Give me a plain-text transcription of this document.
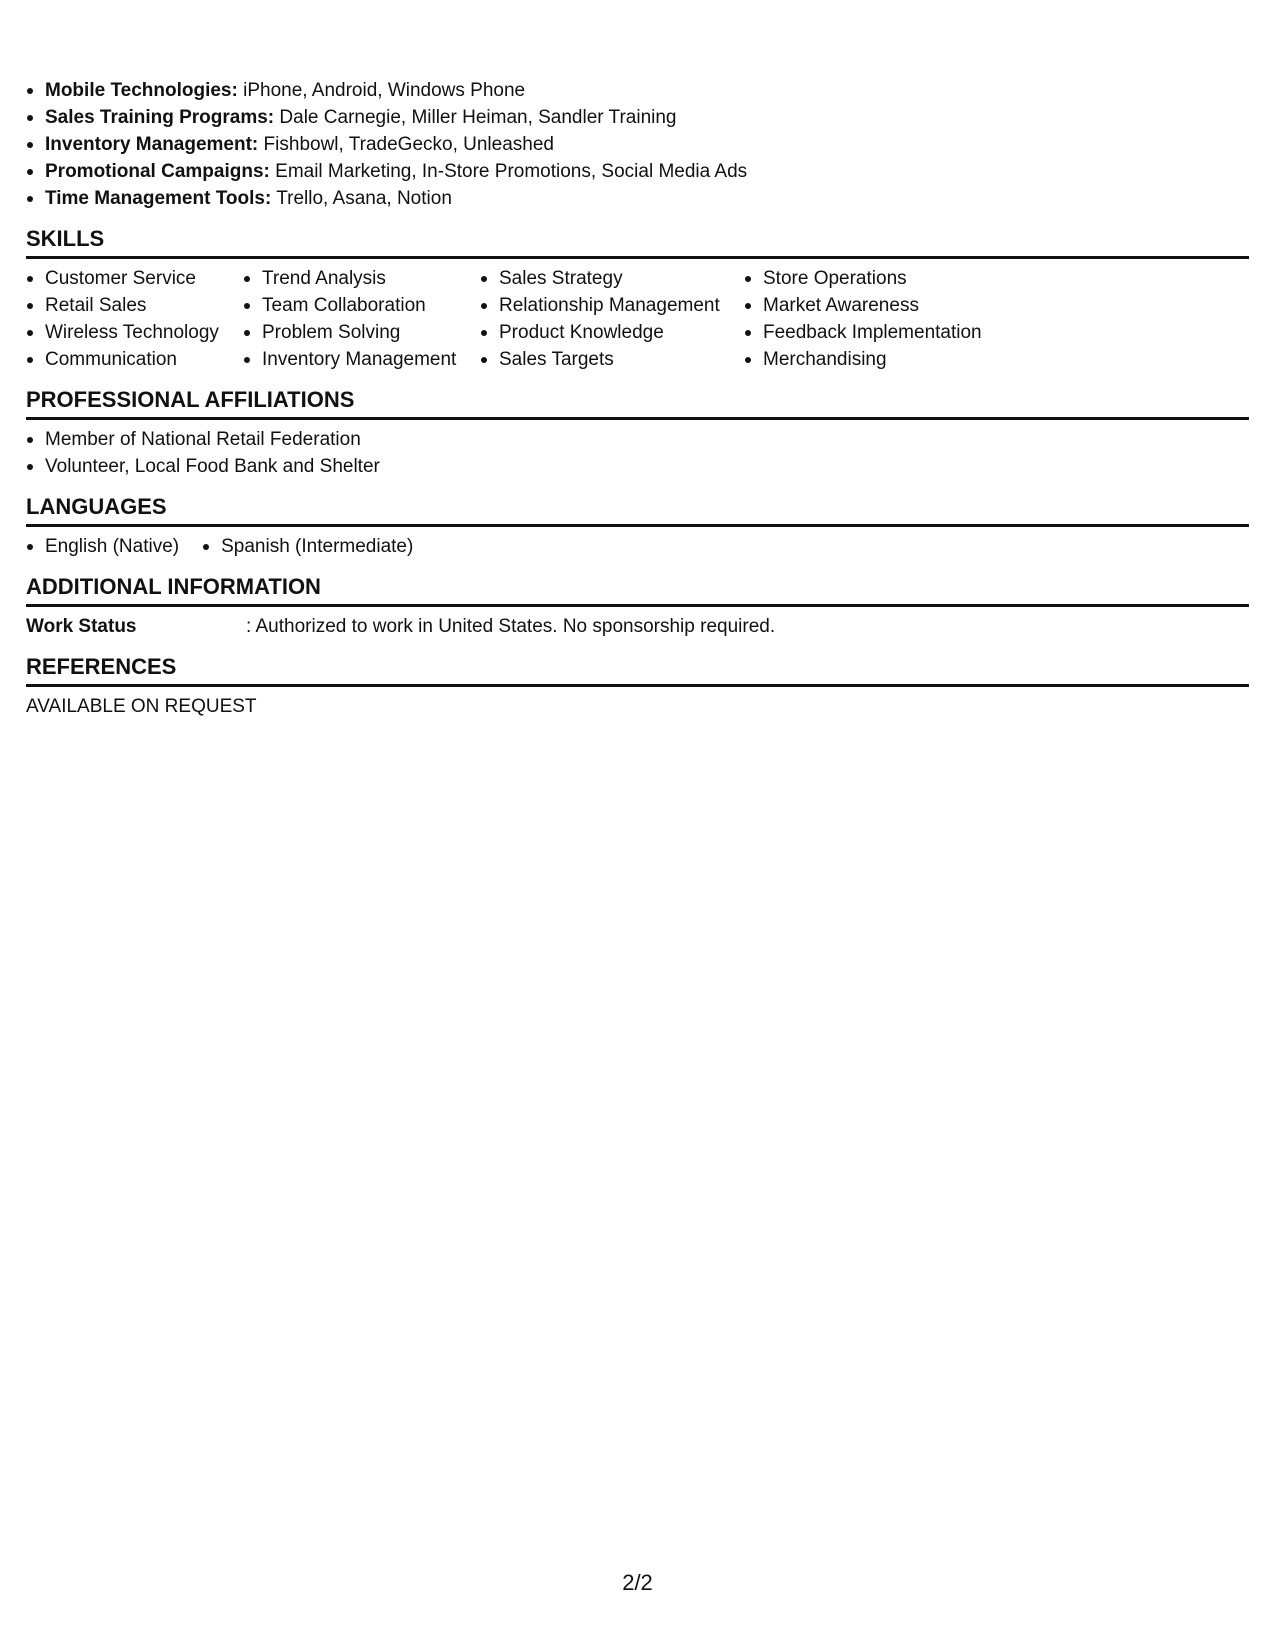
Mobile Technologies: iPhone, Android, Windows Phone
Sales Training Programs: Dale Carnegie, Miller Heiman, Sandler Training
Inventory Management: Fishbowl, TradeGecko, Unleashed
Promotional Campaigns: Email Marketing, In-Store Promotions, Social Media Ads
Time Management Tools: Trello, Asana, Notion
SKILLS
Customer Service
Retail Sales
Wireless Technology
Communication
Trend Analysis
Team Collaboration
Problem Solving
Inventory Management
Sales Strategy
Relationship Management
Product Knowledge
Sales Targets
Store Operations
Market Awareness
Feedback Implementation
Merchandising
PROFESSIONAL AFFILIATIONS
Member of National Retail Federation
Volunteer, Local Food Bank and Shelter
LANGUAGES
English (Native)	Spanish (Intermediate)
ADDITIONAL INFORMATION
Work Status	: Authorized to work in United States. No sponsorship required.
REFERENCES
AVAILABLE ON REQUEST
2/2
